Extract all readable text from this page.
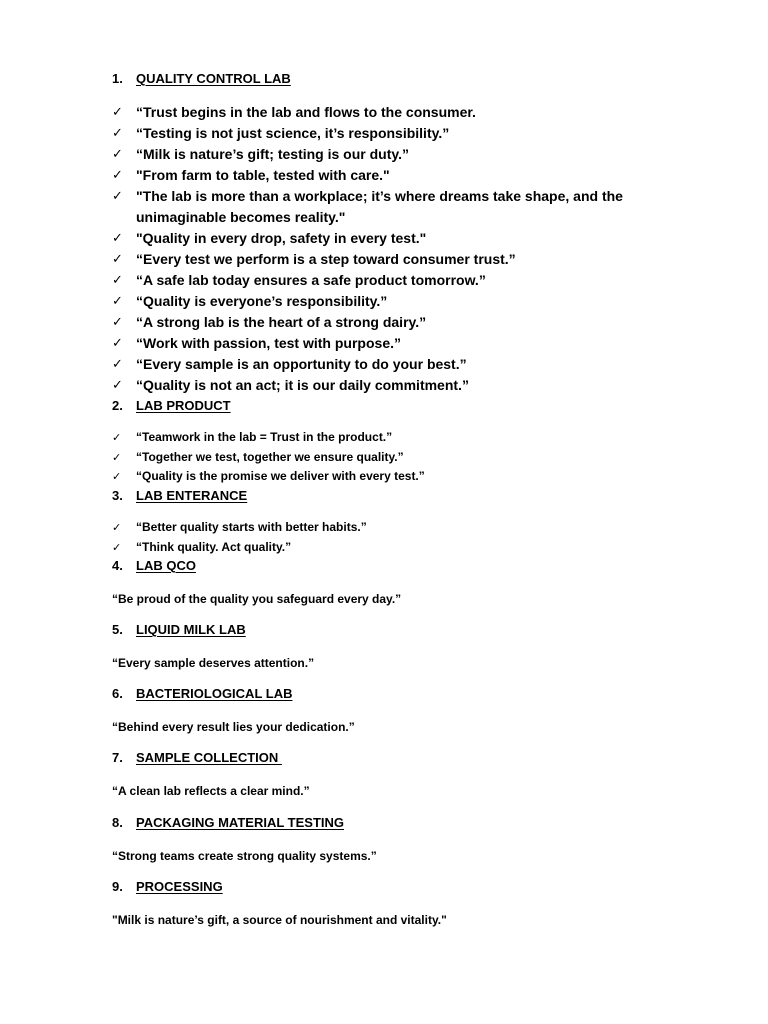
1. QUALITY CONTROL LAB
✓ “Trust begins in the lab and flows to the consumer.
✓ “Testing is not just science, it’s responsibility.”
✓ “Milk is nature’s gift; testing is our duty.”
✓ "From farm to table, tested with care."
✓ "The lab is more than a workplace; it’s where dreams take shape, and the unimaginable becomes reality."
✓ "Quality in every drop, safety in every test."
✓ “Every test we perform is a step toward consumer trust.”
✓ “A safe lab today ensures a safe product tomorrow.”
✓ “Quality is everyone’s responsibility.”
✓ “A strong lab is the heart of a strong dairy.”
✓ “Work with passion, test with purpose.”
✓ “Every sample is an opportunity to do your best.”
✓ “Quality is not an act; it is our daily commitment.”
2. LAB PRODUCT
✓ “Teamwork in the lab = Trust in the product.”
✓ “Together we test, together we ensure quality.”
✓ “Quality is the promise we deliver with every test.”
3. LAB ENTERANCE
✓ “Better quality starts with better habits.”
✓ “Think quality. Act quality.”
4. LAB QCO
“Be proud of the quality you safeguard every day.”
5. LIQUID MILK LAB
“Every sample deserves attention.”
6. BACTERIOLOGICAL LAB
“Behind every result lies your dedication.”
7. SAMPLE COLLECTION
“A clean lab reflects a clear mind.”
8. PACKAGING MATERIAL TESTING
“Strong teams create strong quality systems.”
9. PROCESSING
"Milk is nature’s gift, a source of nourishment and vitality."
